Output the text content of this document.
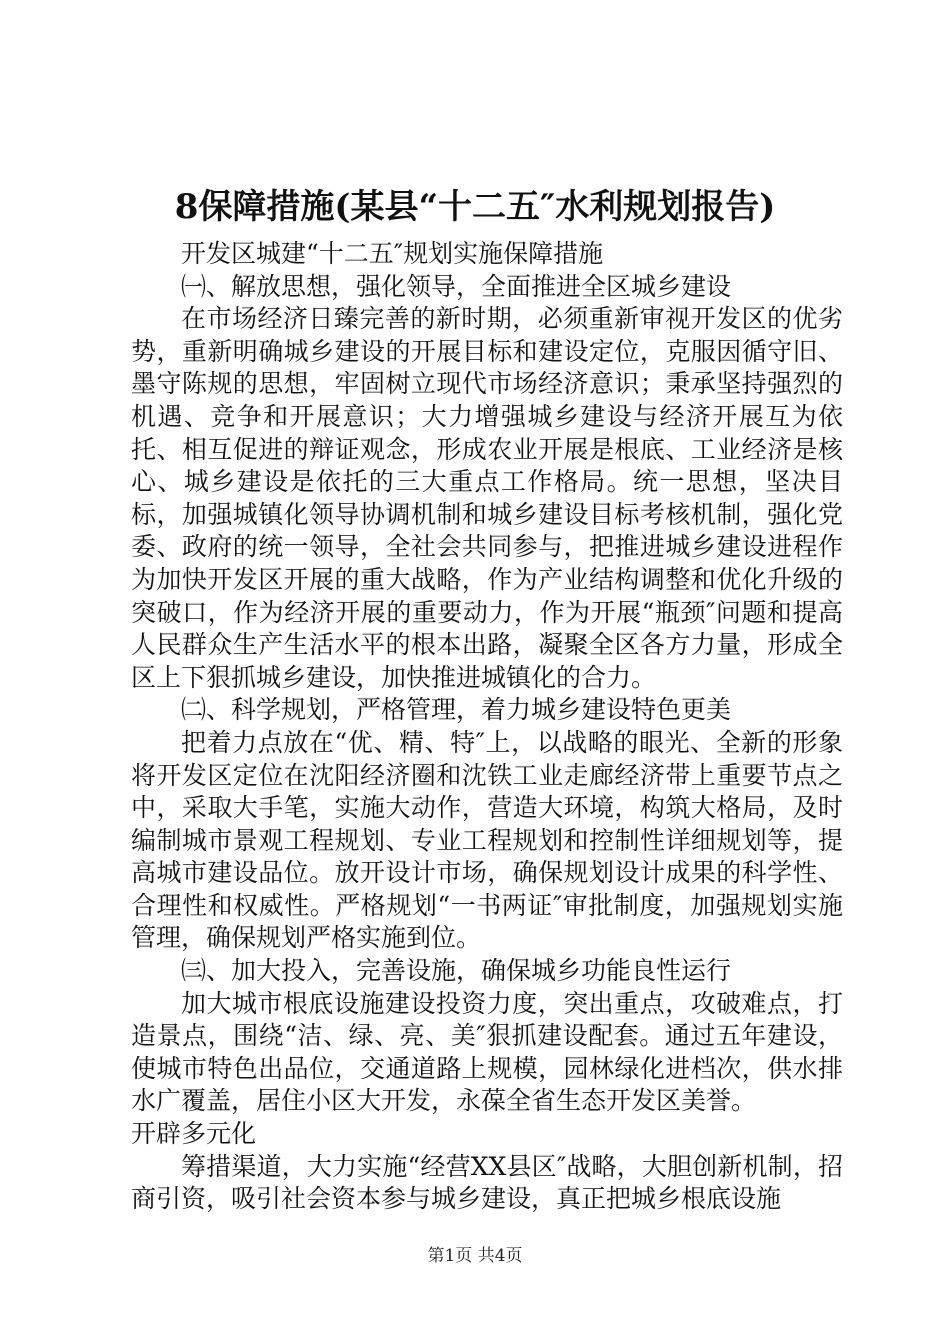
8保障措施(某县“十二五″水利规划报告)

开发区城建“十二五″规划实施保障措施

㈠、解放思想，强化领导，全面推进全区城乡建设

在市场经济日臻完善的新时期，必须重新审视开发区的优劣势，重新明确城乡建设的开展目标和建设定位，克服因循守旧、墨守陈规的思想，牢固树立现代市场经济意识；秉承坚持强烈的机遇、竞争和开展意识；大力增强城乡建设与经济开展互为依托、相互促进的辩证观念，形成农业开展是根底、工业经济是核心、城乡建设是依托的三大重点工作格局。统一思想，坚决目标，加强城镇化领导协调机制和城乡建设目标考核机制，强化党委、政府的统一领导，全社会共同参与，把推进城乡建设进程作为加快开发区开展的重大战略，作为产业结构调整和优化升级的突破口，作为经济开展的重要动力，作为开展“瓶颈″问题和提高人民群众生产生活水平的根本出路，凝聚全区各方力量，形成全区上下狠抓城乡建设，加快推进城镇化的合力。

㈡、科学规划，严格管理，着力城乡建设特色更美

把着力点放在“优、精、特″上，以战略的眼光、全新的形象将开发区定位在沈阳经济圈和沈铁工业走廊经济带上重要节点之中，采取大手笔，实施大动作，营造大环境，构筑大格局，及时编制城市景观工程规划、专业工程规划和控制性详细规划等，提高城市建设品位。放开设计市场，确保规划设计成果的科学性、合理性和权威性。严格规划“一书两证″审批制度，加强规划实施管理，确保规划严格实施到位。

㈢、加大投入，完善设施，确保城乡功能良性运行

加大城市根底设施建设投资力度，突出重点，攻破难点，打造景点，围绕“洁、绿、亮、美″狠抓建设配套。通过五年建设，使城市特色出品位，交通道路上规模，园林绿化进档次，供水排水广覆盖，居住小区大开发，永葆全省生态开发区美誉。

开辟多元化

筹措渠道，大力实施“经营XX县区″战略，大胆创新机制，招商引资，吸引社会资本参与城乡建设，真正把城乡根底设施

第1页 共4页
